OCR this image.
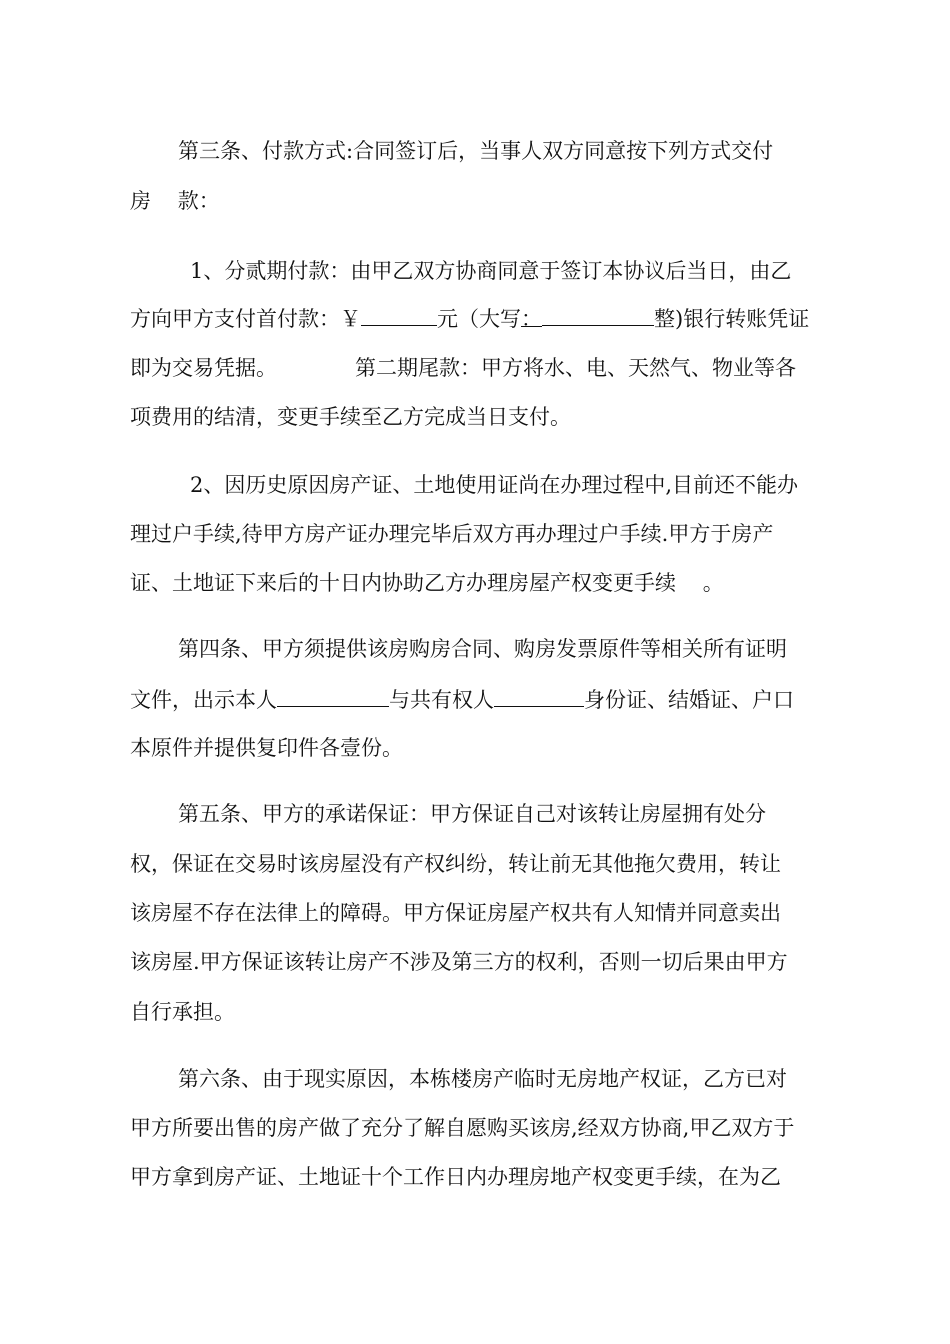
第三条、付款方式:合同签订后，当事人双方同意按下列方式交付
房    款：
1、分贰期付款：由甲乙双方协商同意于签订本协议后当日，由乙
方向甲方支付首付款：￥	元（大写：	整)银行转账凭证
即为交易凭据。	第二期尾款：甲方将水、电、天然气、物业等各
项费用的结清，变更手续至乙方完成当日支付。
2、因历史原因房产证、土地使用证尚在办理过程中,目前还不能办
理过户手续,待甲方房产证办理完毕后双方再办理过户手续.甲方于房产
证、土地证下来后的十日内协助乙方办理房屋产权变更手续    。
第四条、甲方须提供该房购房合同、购房发票原件等相关所有证明
文件，出示本人	与共有权人	身份证、结婚证、户口
本原件并提供复印件各壹份。
第五条、甲方的承诺保证：甲方保证自己对该转让房屋拥有处分
权，保证在交易时该房屋没有产权纠纷，转让前无其他拖欠费用，转让
该房屋不存在法律上的障碍。甲方保证房屋产权共有人知情并同意卖出
该房屋.甲方保证该转让房产不涉及第三方的权利，否则一切后果由甲方
自行承担。
第六条、由于现实原因，本栋楼房产临时无房地产权证，乙方已对
甲方所要出售的房产做了充分了解自愿购买该房,经双方协商,甲乙双方于
甲方拿到房产证、土地证十个工作日内办理房地产权变更手续，在为乙
